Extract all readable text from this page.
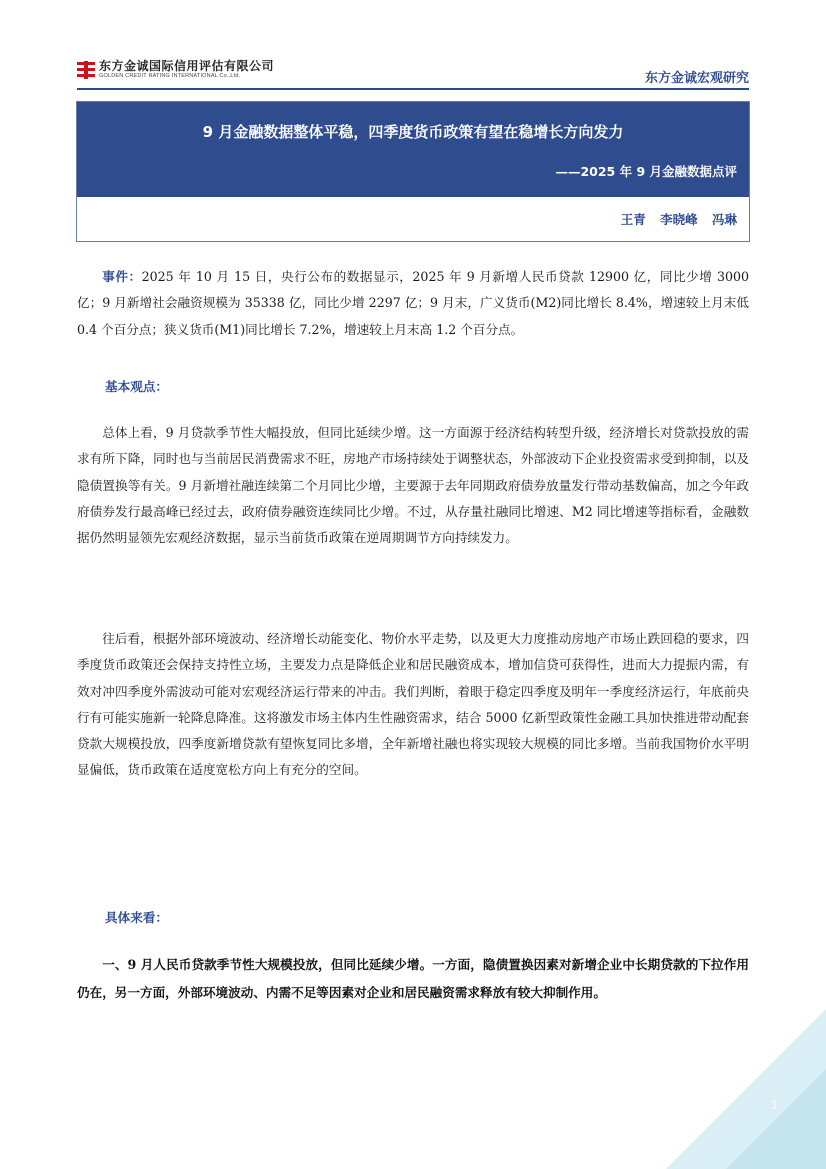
东方金诚国际信用评估有限公司
GOLDEN CREDIT RATING INTERNATIONAL Co.,Ltd.	东方金诚宏观研究
9 月金融数据整体平稳，四季度货币政策有望在稳增长方向发力
——2025 年 9 月金融数据点评
王青 李晓峰 冯琳
事件：2025 年 10 月 15 日，央行公布的数据显示，2025 年 9 月新增人民币贷款 12900 亿，同比少增 3000 亿；9 月新增社会融资规模为 35338 亿，同比少增 2297 亿；9 月末，广义货币(M2)同比增长 8.4%，增速较上月末低 0.4 个百分点；狭义货币(M1)同比增长 7.2%，增速较上月末高 1.2 个百分点。
基本观点：
总体上看，9 月贷款季节性大幅投放，但同比延续少增。这一方面源于经济结构转型升级，经济增长对贷款投放的需求有所下降，同时也与当前居民消费需求不旺，房地产市场持续处于调整状态，外部波动下企业投资需求受到抑制，以及隐债置换等有关。9 月新增社融连续第二个月同比少增，主要源于去年同期政府债券放量发行带动基数偏高，加之今年政府债券发行最高峰已经过去，政府债券融资连续同比少增。不过，从存量社融同比增速、M2 同比增速等指标看，金融数据仍然明显领先宏观经济数据，显示当前货币政策在逆周期调节方向持续发力。
往后看，根据外部环境波动、经济增长动能变化、物价水平走势，以及更大力度推动房地产市场止跌回稳的要求，四季度货币政策还会保持支持性立场，主要发力点是降低企业和居民融资成本，增加信贷可获得性，进而大力提振内需，有效对冲四季度外需波动可能对宏观经济运行带来的冲击。我们判断，着眼于稳定四季度及明年一季度经济运行，年底前央行有可能实施新一轮降息降准。这将激发市场主体内生性融资需求，结合 5000 亿新型政策性金融工具加快推进带动配套贷款大规模投放，四季度新增贷款有望恢复同比多增，全年新增社融也将实现较大规模的同比多增。当前我国物价水平明显偏低，货币政策在适度宽松方向上有充分的空间。
具体来看：
一、9 月人民币贷款季节性大规模投放，但同比延续少增。一方面，隐债置换因素对新增企业中长期贷款的下拉作用仍在，另一方面，外部环境波动、内需不足等因素对企业和居民融资需求释放有较大抑制作用。
1
